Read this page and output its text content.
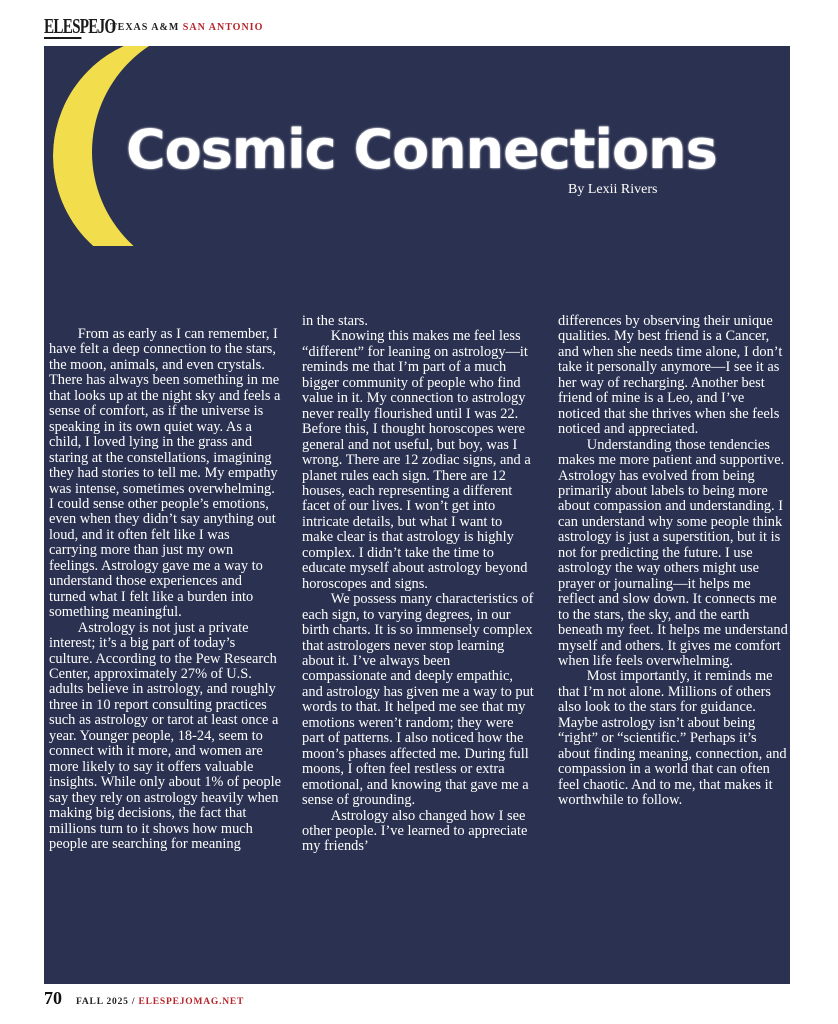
ELESPEJO
TEXAS A&M SAN ANTONIO
Cosmic Connections
By Lexii Rivers

From as early as I can remember, I have felt a deep connection to the stars, the moon, animals, and even crystals. There has always been something in me that looks up at the night sky and feels a sense of comfort, as if the universe is speaking in its own quiet way. As a child, I loved lying in the grass and staring at the constellations, imagining they had stories to tell me. My empathy was intense, sometimes overwhelming. I could sense other people’s emotions, even when they didn’t say anything out loud, and it often felt like I was carrying more than just my own feelings. Astrology gave me a way to understand those experiences and turned what I felt like a burden into something meaningful.

Astrology is not just a private interest; it’s a big part of today’s culture. According to the Pew Research Center, approximately 27% of U.S. adults believe in astrology, and roughly three in 10 report consulting practices such as astrology or tarot at least once a year. Younger people, 18-24, seem to connect with it more, and women are more likely to say it offers valuable insights. While only about 1% of people say they rely on astrology heavily when making big decisions, the fact that millions turn to it shows how much people are searching for meaning

in the stars.

Knowing this makes me feel less “different” for leaning on astrology—it reminds me that I’m part of a much bigger community of people who find value in it. My connection to astrology never really flourished until I was 22. Before this, I thought horoscopes were general and not useful, but boy, was I wrong. There are 12 zodiac signs, and a planet rules each sign. There are 12 houses, each representing a different facet of our lives. I won’t get into intricate details, but what I want to make clear is that astrology is highly complex. I didn’t take the time to educate myself about astrology beyond horoscopes and signs.

We possess many characteristics of each sign, to varying degrees, in our birth charts. It is so immensely complex that astrologers never stop learning about it. I’ve always been compassionate and deeply empathic, and astrology has given me a way to put words to that. It helped me see that my emotions weren’t random; they were part of patterns. I also noticed how the moon’s phases affected me. During full moons, I often feel restless or extra emotional, and knowing that gave me a sense of grounding.

Astrology also changed how I see other people. I’ve learned to appreciate my friends’

differences by observing their unique qualities. My best friend is a Cancer, and when she needs time alone, I don’t take it personally anymore—I see it as her way of recharging. Another best friend of mine is a Leo, and I’ve noticed that she thrives when she feels noticed and appreciated.

Understanding those tendencies makes me more patient and supportive. Astrology has evolved from being primarily about labels to being more about compassion and understanding. I can understand why some people think astrology is just a superstition, but it is not for predicting the future. I use astrology the way others might use prayer or journaling—it helps me reflect and slow down. It connects me to the stars, the sky, and the earth beneath my feet. It helps me understand myself and others. It gives me comfort when life feels overwhelming.

Most importantly, it reminds me that I’m not alone. Millions of others also look to the stars for guidance. Maybe astrology isn’t about being “right” or “scientific.” Perhaps it’s about finding meaning, connection, and compassion in a world that can often feel chaotic. And to me, that makes it worthwhile to follow.

70 FALL 2025 / ELESPEJOMAG.NET
